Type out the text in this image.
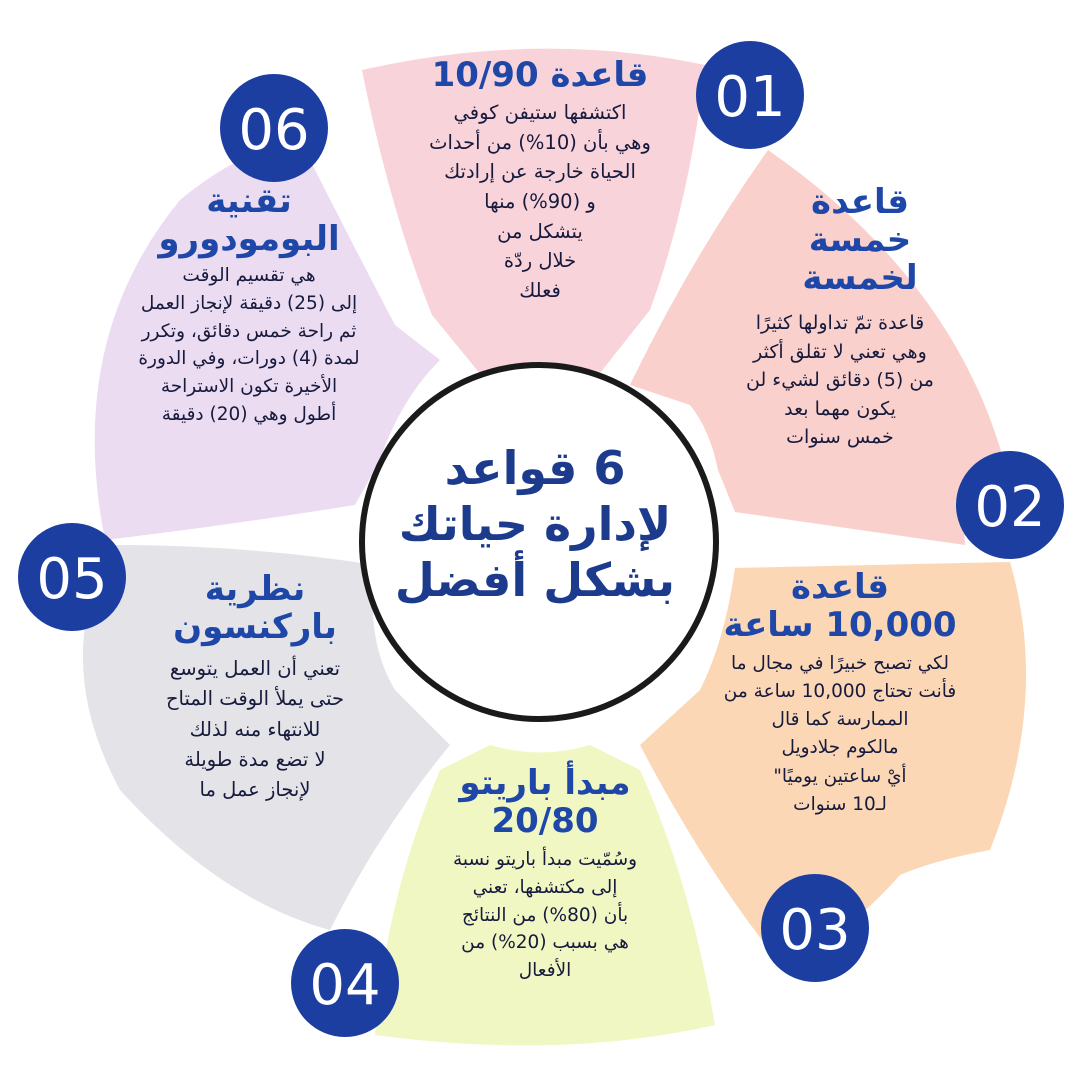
01
02
03
04
05
06
6 قواعد
لإدارة حياتك
بشكل أفضل
قاعدة 10/90
اكتشفها ستيفن كوفي
وهي بأن (10%) من أحداث
الحياة خارجة عن إرادتك
و (90%) منها
يتشكل من
خلال ردّة
فعلك
قاعدة
خمسة
لخمسة
قاعدة تمّ تداولها كثيرًا
وهي تعني لا تقلق أكثر
من (5) دقائق لشيء لن
يكون مهما بعد
خمس سنوات
قاعدة
10,000 ساعة
لكي تصبح خبيرًا في مجال ما
فأنت تحتاج 10,000 ساعة من
الممارسة كما قال
مالكوم جلادويل
أيْ ساعتين يوميًا"
لـ10 سنوات
مبدأ باريتو
20/80
وسُمّيت مبدأ باريتو نسبة
إلى مكتشفها، تعني
بأن (80%) من النتائج
هي بسبب (20%) من
الأفعال
نظرية
باركنسون
تعني أن العمل يتوسع
حتى يملأ الوقت المتاح
للانتهاء منه لذلك
لا تضع مدة طويلة
لإنجاز عمل ما
تقنية
البومودورو
هي تقسيم الوقت
إلى (25) دقيقة لإنجاز العمل
ثم راحة خمس دقائق، وتكرر
لمدة (4) دورات، وفي الدورة
الأخيرة تكون الاستراحة
أطول وهي (20) دقيقة
